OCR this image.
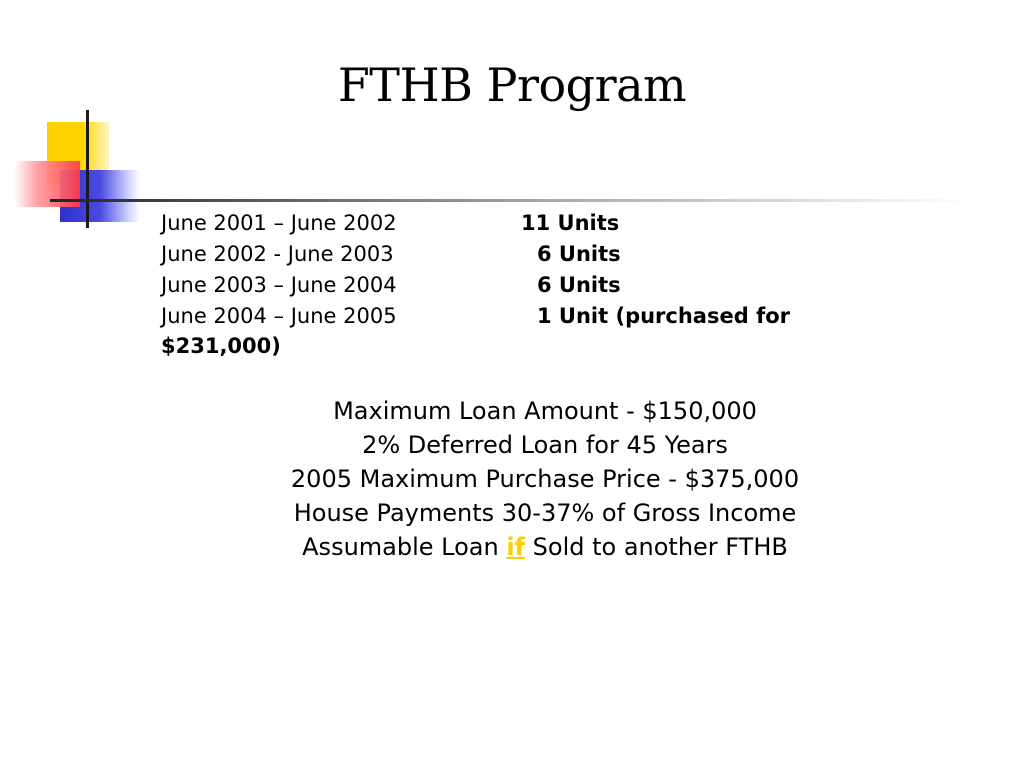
FTHB Program
June 2001 – June 2002	11 Units
June 2002 - June 2003	6 Units
June 2003 – June 2004	6 Units
June 2004 – June 2005	1 Unit (purchased for
$231,000)
Maximum Loan Amount - $150,000
2% Deferred Loan for 45 Years
2005 Maximum Purchase Price - $375,000
House Payments 30-37% of Gross Income
Assumable Loan if Sold to another FTHB
